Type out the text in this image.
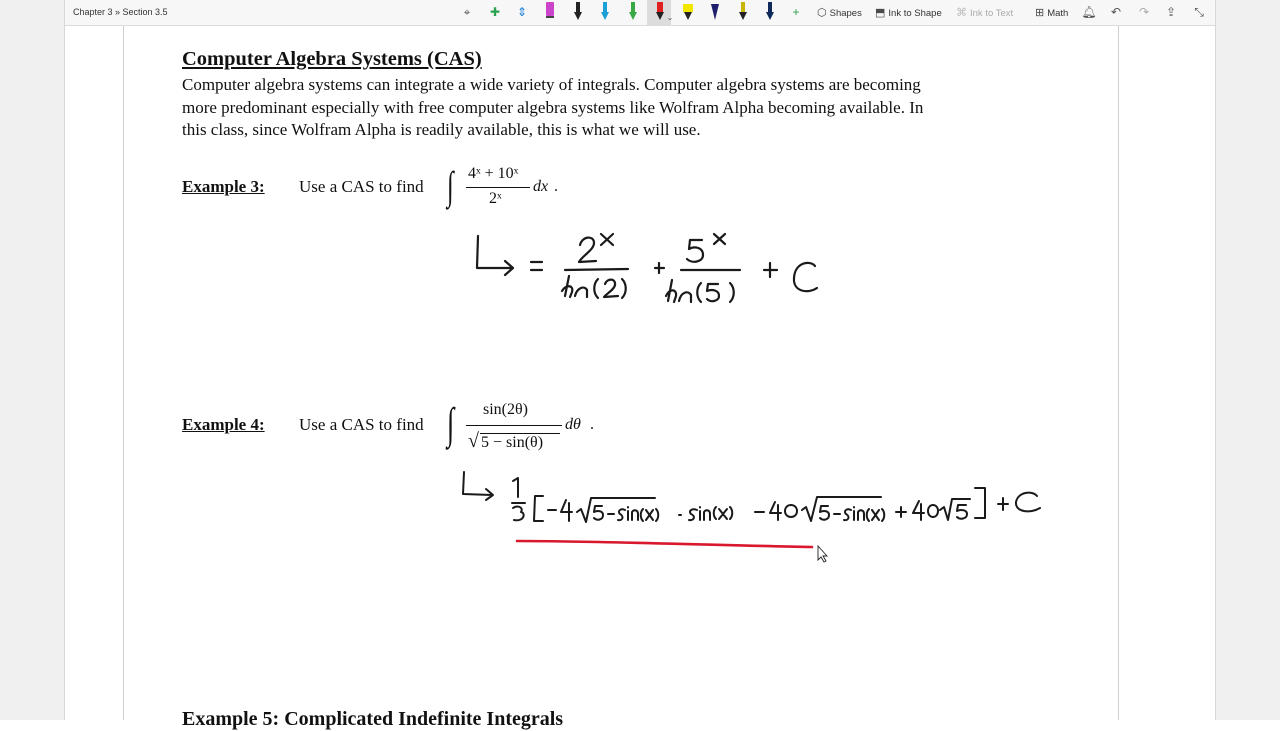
Chapter 3 » Section 3.5	⌖	✚ ⇕	⌄	+	⬡ Shapes ⬒ Ink to Shape ⌘ Ink to Text ⊞ Math 🔔︎ ↶ ↷ ⇪ ⤡
Computer Algebra Systems (CAS)
Computer algebra systems can integrate a wide variety of integrals. Computer algebra systems are becoming
more predominant especially with free computer algebra systems like Wolfram Alpha becoming available. In
this class, since Wolfram Alpha is readily available, this is what we will use.
Example 3: Use a CAS to find ∫ 4ˣ + 10ˣ
2ˣ
dx .
Example 4: Use a CAS to find ∫ sin(2θ)
√ 5 − sin(θ)
dθ .
Example 5: Complicated Indefinite Integrals
